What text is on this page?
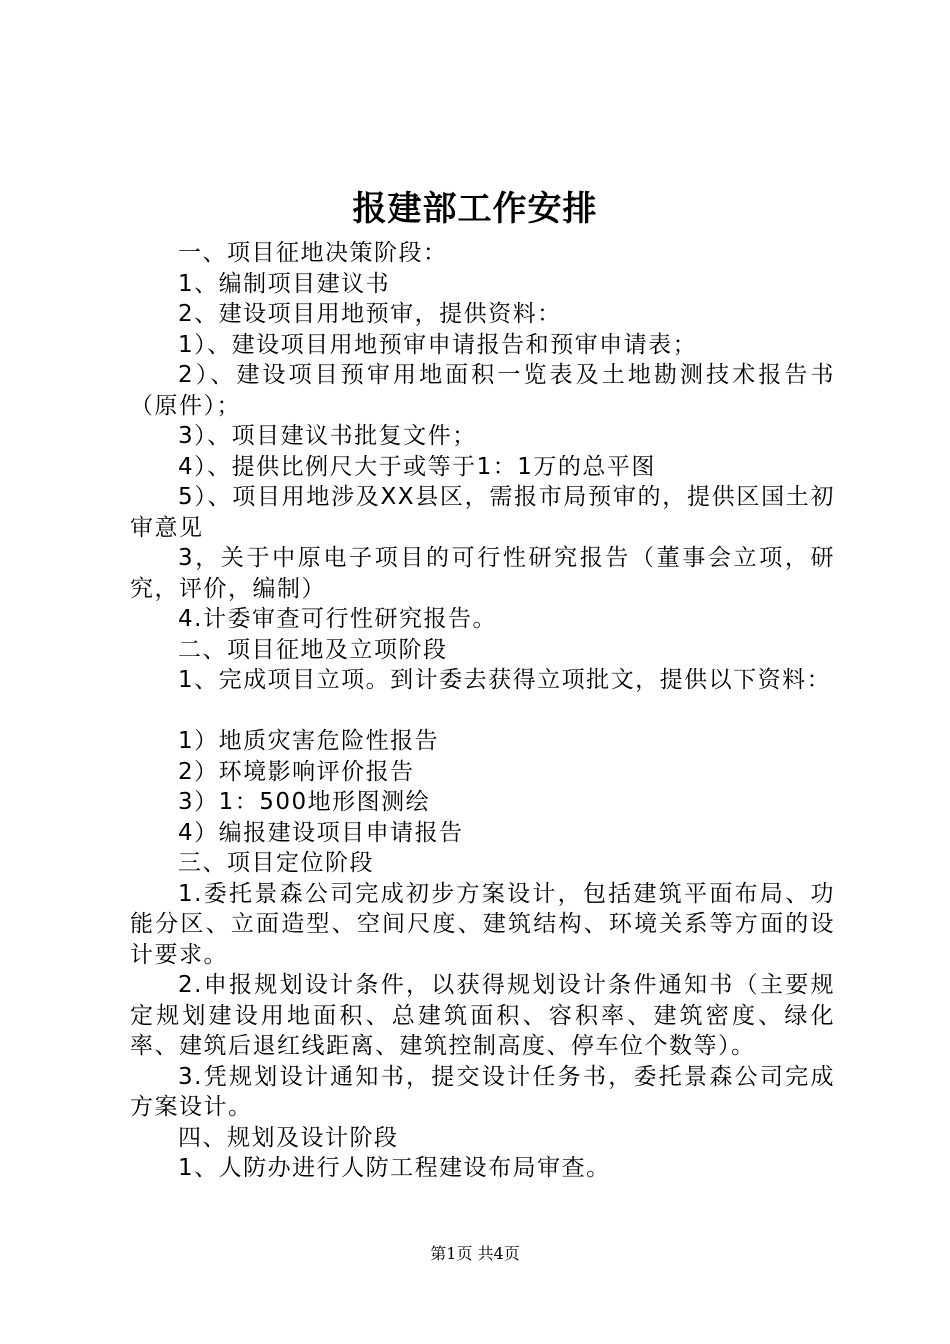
报建部工作安排

一、项目征地决策阶段：

1、编制项目建议书

2、建设项目用地预审，提供资料：

1）、建设项目用地预审申请报告和预审申请表；

2）、建设项目预审用地面积一览表及土地勘测技术报告书（原件）；

3）、项目建议书批复文件；

4）、提供比例尺大于或等于1：1万的总平图

5）、项目用地涉及XX县区，需报市局预审的，提供区国土初审意见

3，关于中原电子项目的可行性研究报告（董事会立项，研究，评价，编制）

4.计委审查可行性研究报告。

二、项目征地及立项阶段

1、完成项目立项。到计委去获得立项批文，提供以下资料：

1）地质灾害危险性报告

2）环境影响评价报告

3）1：500地形图测绘

4）编报建设项目申请报告

三、项目定位阶段

1.委托景森公司完成初步方案设计，包括建筑平面布局、功能分区、立面造型、空间尺度、建筑结构、环境关系等方面的设计要求。

2.申报规划设计条件，以获得规划设计条件通知书（主要规定规划建设用地面积、总建筑面积、容积率、建筑密度、绿化率、建筑后退红线距离、建筑控制高度、停车位个数等）。

3.凭规划设计通知书，提交设计任务书，委托景森公司完成方案设计。

四、规划及设计阶段

1、人防办进行人防工程建设布局审查。

第1页 共4页
